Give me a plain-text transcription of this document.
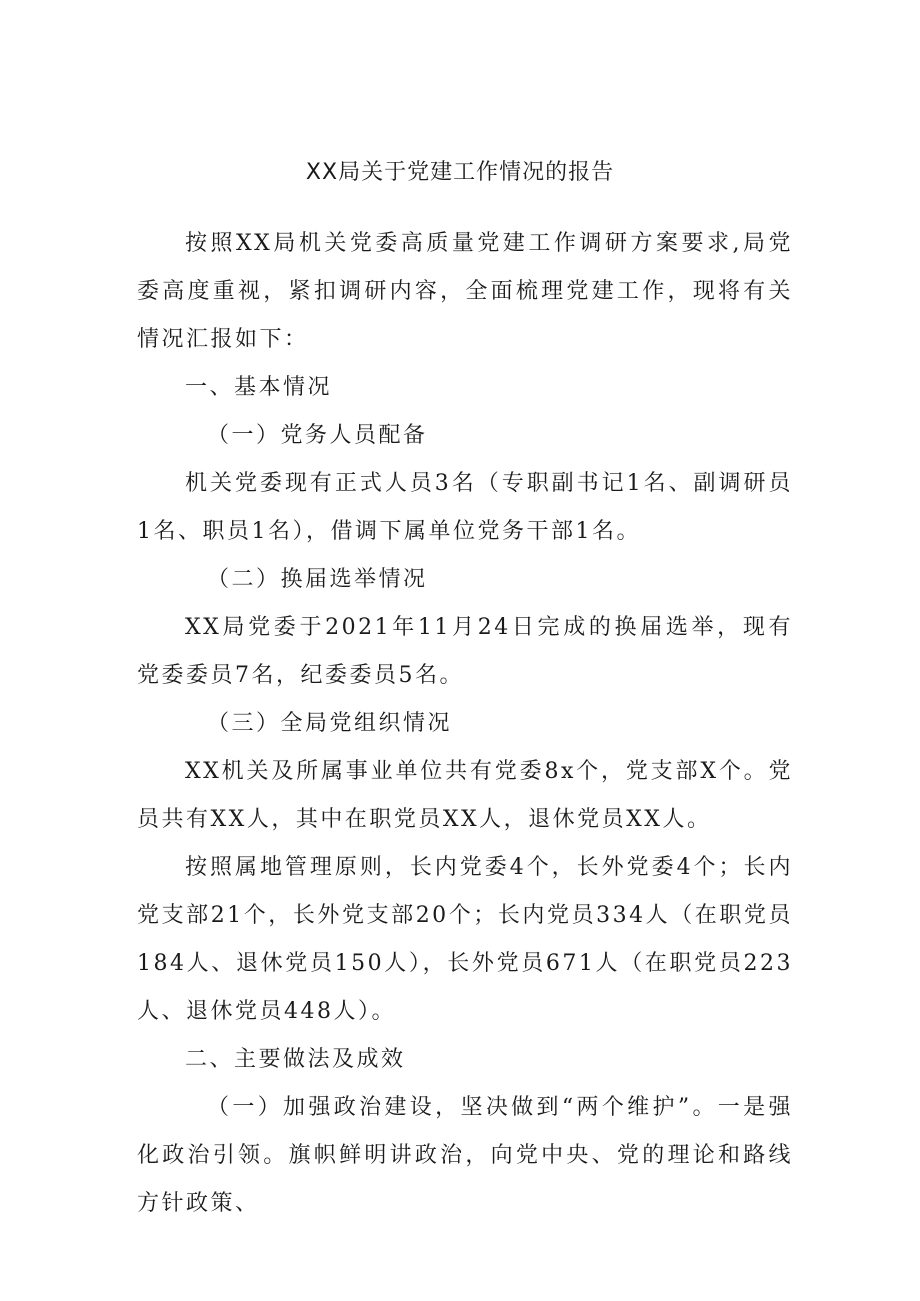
XX局关于党建工作情况的报告

按照XX局机关党委高质量党建工作调研方案要求,局党委高度重视，紧扣调研内容，全面梳理党建工作，现将有关情况汇报如下：

一、基本情况

（一）党务人员配备

机关党委现有正式人员3名（专职副书记1名、副调研员1名、职员1名），借调下属单位党务干部1名。

（二）换届选举情况

XX局党委于2021年11月24日完成的换届选举，现有党委委员7名，纪委委员5名。

（三）全局党组织情况

XX机关及所属事业单位共有党委8x个，党支部X个。党员共有XX人，其中在职党员XX人，退休党员XX人。

按照属地管理原则，长内党委4个，长外党委4个；长内党支部21个，长外党支部20个；长内党员334人（在职党员184人、退休党员150人），长外党员671人（在职党员223人、退休党员448人）。

二、主要做法及成效

（一）加强政治建设，坚决做到“两个维护”。一是强化政治引领。旗帜鲜明讲政治，向党中央、党的理论和路线方针政策、
